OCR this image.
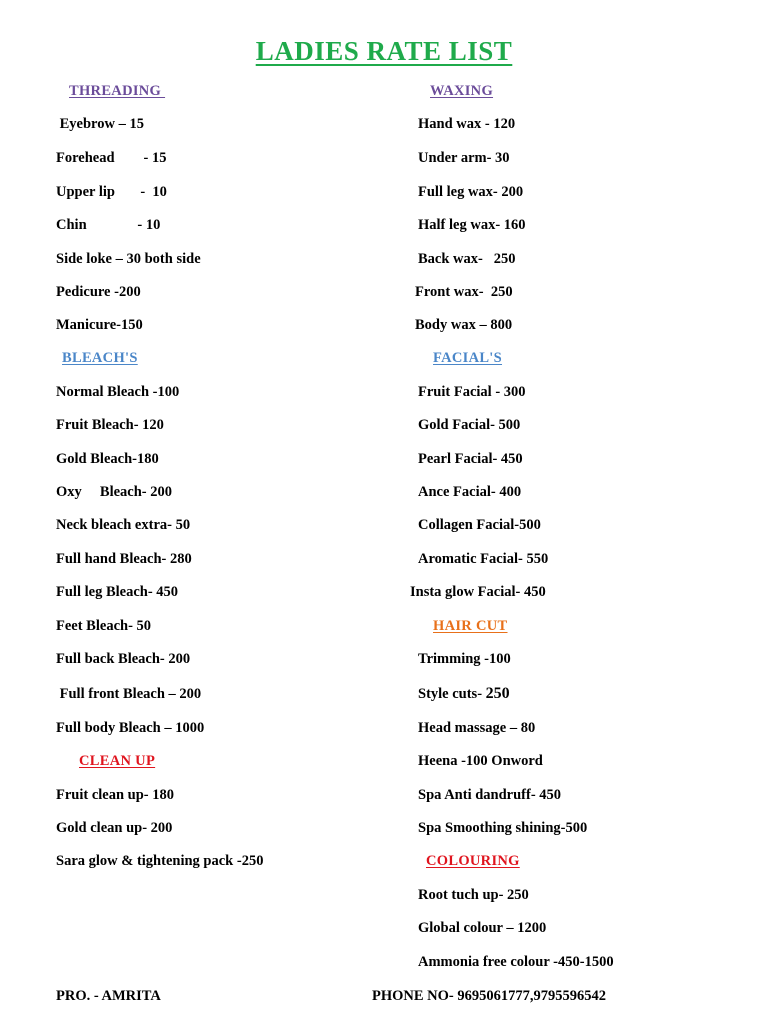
LADIES RATE LIST
THREADING
Eyebrow – 15
Forehead        - 15
Upper lip       -  10
Chin              - 10
Side loke – 30 both side
Pedicure -200
Manicure-150
BLEACH'S
Normal Bleach -100
Fruit Bleach- 120
Gold Bleach-180
Oxy     Bleach- 200
Neck bleach extra- 50
Full hand Bleach- 280
Full leg Bleach- 450
Feet Bleach- 50
Full back Bleach- 200
Full front Bleach – 200
Full body Bleach – 1000
CLEAN UP
Fruit clean up- 180
Gold clean up- 200
Sara glow & tightening pack -250
WAXING
Hand wax - 120
Under arm- 30
Full leg wax- 200
Half leg wax- 160
Back wax-   250
Front wax-  250
Body wax – 800
FACIAL'S
Fruit Facial - 300
Gold Facial- 500
Pearl Facial- 450
Ance Facial- 400
Collagen Facial-500
Aromatic Facial- 550
Insta glow Facial- 450
HAIR CUT
Trimming -100
Style cuts- 250
Head massage – 80
Heena -100 Onword
Spa Anti dandruff- 450
Spa Smoothing shining-500
COLOURING
Root tuch up- 250
Global colour – 1200
Ammonia free colour -450-1500
PRO. - AMRITA	PHONE NO- 9695061777,9795596542
